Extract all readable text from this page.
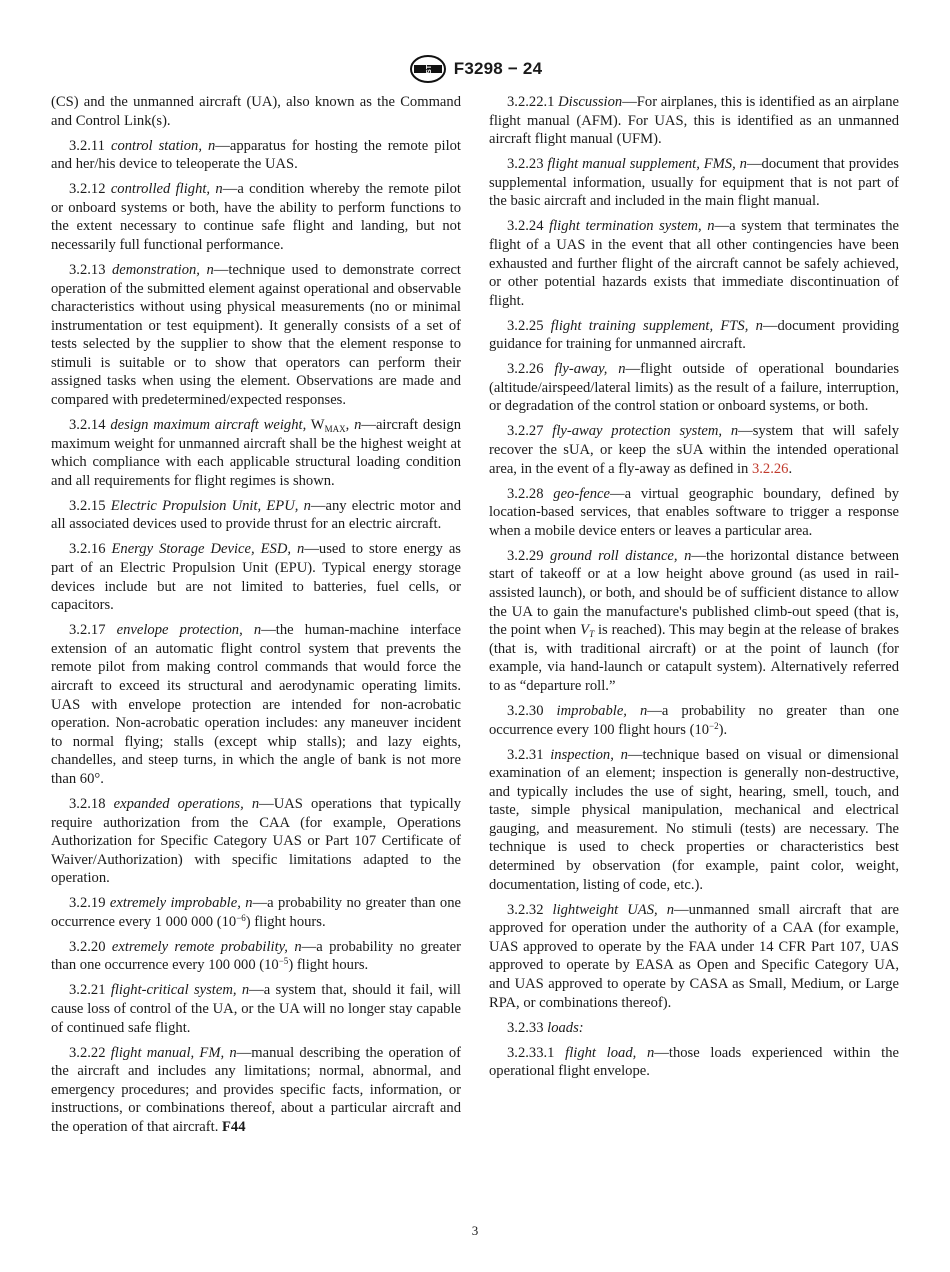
ASTM F3298 − 24

(CS) and the unmanned aircraft (UA), also known as the Command and Control Link(s).

3.2.11 control station, n—apparatus for hosting the remote pilot and her/his device to teleoperate the UAS.

3.2.12 controlled flight, n—a condition whereby the remote pilot or onboard systems or both, have the ability to perform functions to the extent necessary to continue safe flight and landing, but not necessarily full functional performance.

3.2.13 demonstration, n—technique used to demonstrate correct operation of the submitted element against operational and observable characteristics without using physical measurements (no or minimal instrumentation or test equipment). It generally consists of a set of tests selected by the supplier to show that the element response to stimuli is suitable or to show that operators can perform their assigned tasks when using the element. Observations are made and compared with predetermined/expected responses.

3.2.14 design maximum aircraft weight, $W_{MAX}$, n—aircraft design maximum weight for unmanned aircraft shall be the highest weight at which compliance with each applicable structural loading condition and all requirements for flight regimes is shown.

3.2.15 Electric Propulsion Unit, EPU, n—any electric motor and all associated devices used to provide thrust for an electric aircraft.

3.2.16 Energy Storage Device, ESD, n—used to store energy as part of an Electric Propulsion Unit (EPU). Typical energy storage devices include but are not limited to batteries, fuel cells, or capacitors.

3.2.17 envelope protection, n—the human-machine interface extension of an automatic flight control system that prevents the remote pilot from making control commands that would force the aircraft to exceed its structural and aerodynamic operating limits. UAS with envelope protection are intended for non-acrobatic operation. Non-acrobatic operation includes: any maneuver incident to normal flying; stalls (except whip stalls); and lazy eights, chandelles, and steep turns, in which the angle of bank is not more than 60°.

3.2.18 expanded operations, n—UAS operations that typically require authorization from the CAA (for example, Operations Authorization for Specific Category UAS or Part 107 Certificate of Waiver/Authorization) with specific limitations adapted to the operation.

3.2.19 extremely improbable, n—a probability no greater than one occurrence every 1 000 000 $(10^{-6})$ flight hours.

3.2.20 extremely remote probability, n—a probability no greater than one occurrence every 100 000 $(10^{-5})$ flight hours.

3.2.21 flight-critical system, n—a system that, should it fail, will cause loss of control of the UA, or the UA will no longer stay capable of continued safe flight.

3.2.22 flight manual, FM, n—manual describing the operation of the aircraft and includes any limitations; normal, abnormal, and emergency procedures; and provides specific facts, information, or instructions, or combinations thereof, about a particular aircraft and the operation of that aircraft. F44

3.2.22.1 Discussion—For airplanes, this is identified as an airplane flight manual (AFM). For UAS, this is identified as an unmanned aircraft flight manual (UFM).

3.2.23 flight manual supplement, FMS, n—document that provides supplemental information, usually for equipment that is not part of the basic aircraft and included in the main flight manual.

3.2.24 flight termination system, n—a system that terminates the flight of a UAS in the event that all other contingencies have been exhausted and further flight of the aircraft cannot be safely achieved, or other potential hazards exists that immediate discontinuation of flight.

3.2.25 flight training supplement, FTS, n—document providing guidance for training for unmanned aircraft.

3.2.26 fly-away, n—flight outside of operational boundaries (altitude/airspeed/lateral limits) as the result of a failure, interruption, or degradation of the control station or onboard systems, or both.

3.2.27 fly-away protection system, n—system that will safely recover the sUA, or keep the sUA within the intended operational area, in the event of a fly-away as defined in 3.2.26.

3.2.28 geo-fence—a virtual geographic boundary, defined by location-based services, that enables software to trigger a response when a mobile device enters or leaves a particular area.

3.2.29 ground roll distance, n—the horizontal distance between start of takeoff or at a low height above ground (as used in rail-assisted launch), or both, and should be of sufficient distance to allow the UA to gain the manufacture's published climb-out speed (that is, the point when $V_T$ is reached). This may begin at the release of brakes (that is, with traditional aircraft) or at the point of launch (for example, via hand-launch or catapult system). Alternatively referred to as “departure roll.”

3.2.30 improbable, n—a probability no greater than one occurrence every 100 flight hours $(10^{-2})$.

3.2.31 inspection, n—technique based on visual or dimensional examination of an element; inspection is generally non-destructive, and typically includes the use of sight, hearing, smell, touch, and taste, simple physical manipulation, mechanical and electrical gauging, and measurement. No stimuli (tests) are necessary. The technique is used to check properties or characteristics best determined by observation (for example, paint color, weight, documentation, listing of code, etc.).

3.2.32 lightweight UAS, n—unmanned small aircraft that are approved for operation under the authority of a CAA (for example, UAS approved to operate by the FAA under 14 CFR Part 107, UAS approved to operate by EASA as Open and Specific Category UA, and UAS approved to operate by CASA as Small, Medium, or Large RPA, or combinations thereof).

3.2.33 loads:

3.2.33.1 flight load, n—those loads experienced within the operational flight envelope.

3
